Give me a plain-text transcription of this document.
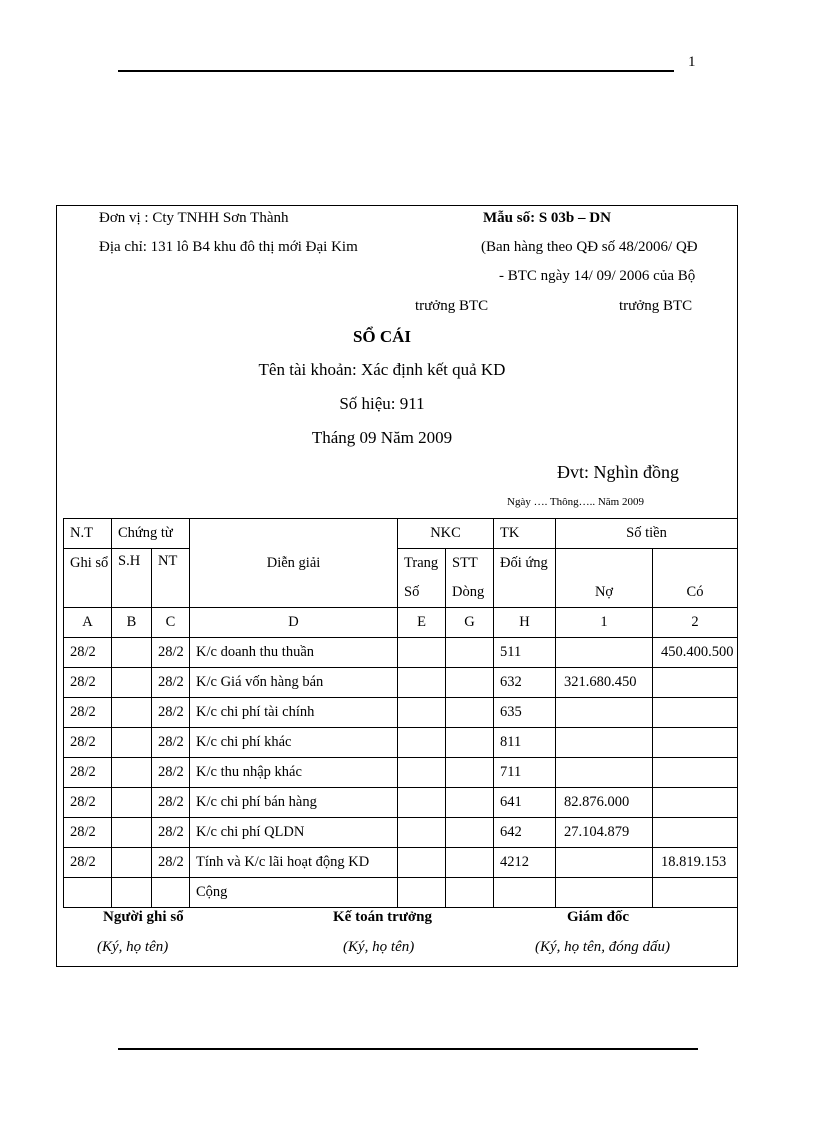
1
Đơn vị : Cty TNHH Sơn Thành
Địa chỉ: 131 lô B4 khu đô thị mới Đại Kim
Mẫu số: S 03b – DN
(Ban hàng theo QĐ số 48/2006/ QĐ
- BTC ngày 14/ 09/ 2006 của Bộ
trưởng BTC	trưởng BTC
SỔ CÁI
Tên tài khoản: Xác định kết quả KD
Số hiệu: 911
Tháng 09 Năm 2009
Đvt: Nghìn đồng
Ngày …. Thông….. Năm 2009
N.T	Chứng từ		Diễn giải	NKC		TK	Số tiền	
Ghi sổ	S.H	NT		Trang	STT	Đối ứng	Nợ	Có
				Số	Dòng			
A	B	C	D	E	G	H	1	2
28/2		28/2	K/c doanh thu thuần			511		450.400.500
28/2		28/2	K/c Giá vốn hàng bán			632	321.680.450	
28/2		28/2	K/c chi phí tài chính			635		
28/2		28/2	K/c chi phí khác			811		
28/2		28/2	K/c thu nhập khác			711		
28/2		28/2	K/c chi phí bán hàng			641	82.876.000	
28/2		28/2	K/c chi phí QLDN			642	27.104.879	
28/2		28/2	Tính và K/c lãi hoạt động KD			4212		18.819.153
			Cộng					
Người ghi sổ
(Ký, họ tên)
Kế toán trưởng
(Ký, họ tên)
Giám đốc
(Ký, họ tên, đóng dấu)
